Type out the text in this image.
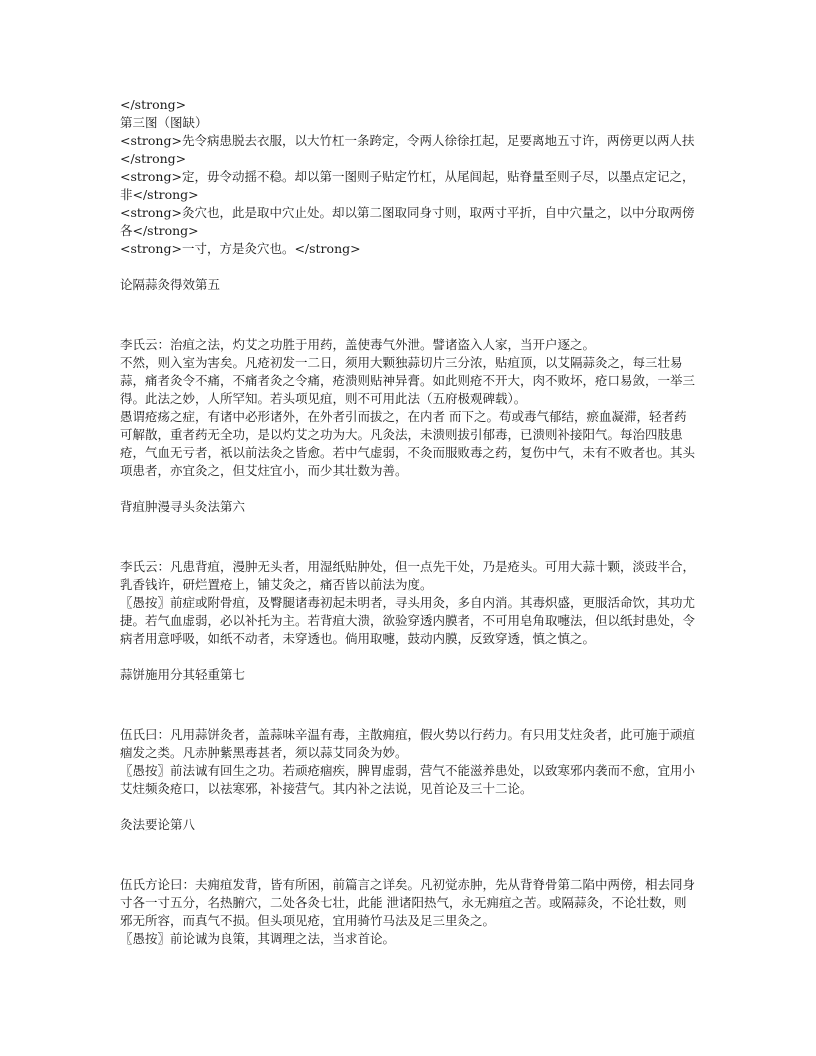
</strong>
第三图（图缺）
<strong>先令病患脱去衣服，以大竹杠一条跨定，令两人徐徐扛起，足要离地五寸许，两傍更以两人扶</strong>
<strong>定，毋令动摇不稳。却以第一图则子贴定竹杠，从尾闾起，贴脊量至则子尽，以墨点定记之，非</strong>
<strong>灸穴也，此是取中穴止处。却以第二图取同身寸则，取两寸平折，自中穴量之，以中分取两傍各</strong>
<strong>一寸，方是灸穴也。</strong>
论隔蒜灸得效第五
李氏云：治疽之法，灼艾之功胜于用药，盖使毒气外泄。譬诸盗入人家，当开户逐之。
不然，则入室为害矣。凡疮初发一二日，须用大颗独蒜切片三分浓，贴疽顶，以艾隔蒜灸之，每三壮易蒜，痛者灸令不痛，不痛者灸之令痛，疮溃则贴神异膏。如此则疮不开大，肉不败坏，疮口易敛，一举三得。此法之妙，人所罕知。若头项见疽，则不可用此法（五府极观碑载）。
愚谓疮疡之症，有诸中必形诸外，在外者引而拔之，在内者 而下之。苟或毒气郁结，瘀血凝滞，轻者药可解散，重者药无全功，是以灼艾之功为大。凡灸法，未溃则拔引郁毒，已溃则补接阳气。每治四肢患疮，气血无亏者，祇以前法灸之皆愈。若中气虚弱，不灸而服败毒之药，复伤中气，未有不败者也。其头项患者，亦宜灸之，但艾炷宜小，而少其壮数为善。
背疽肿漫寻头灸法第六
李氏云：凡患背疽，漫肿无头者，用湿纸贴肿处，但一点先干处，乃是疮头。可用大蒜十颗，淡豉半合，乳香钱许，研烂置疮上，铺艾灸之，痛否皆以前法为度。
〖愚按〗前症或附骨疽，及臀腿诸毒初起未明者，寻头用灸，多自内消。其毒炽盛，更服活命饮，其功尤捷。若气血虚弱，必以补托为主。若背疽大溃，欲验穿透内膜者，不可用皂角取嚏法，但以纸封患处，令病者用意呼吸，如纸不动者，未穿透也。倘用取嚏，鼓动内膜，反致穿透，慎之慎之。
蒜饼施用分其轻重第七
伍氏曰：凡用蒜饼灸者，盖蒜味辛温有毒，主散痈疽，假火势以行药力。有只用艾炷灸者，此可施于顽疽痼发之类。凡赤肿紫黑毒甚者，须以蒜艾同灸为妙。
〖愚按〗前法诚有回生之功。若顽疮痼疾，脾胃虚弱，营气不能滋养患处，以致寒邪内袭而不愈，宜用小艾炷频灸疮口，以祛寒邪，补接营气。其内补之法说，见首论及三十二论。
灸法要论第八
伍氏方论曰：夫痈疽发背，皆有所困，前篇言之详矣。凡初觉赤肿，先从背脊骨第二陷中两傍，相去同身寸各一寸五分，名热腑穴，二处各灸七壮，此能 泄诸阳热气，永无痈疽之苦。或隔蒜灸，不论壮数，则邪无所容，而真气不损。但头项见疮，宜用骑竹马法及足三里灸之。
〖愚按〗前论诚为良策，其调理之法，当求首论。
